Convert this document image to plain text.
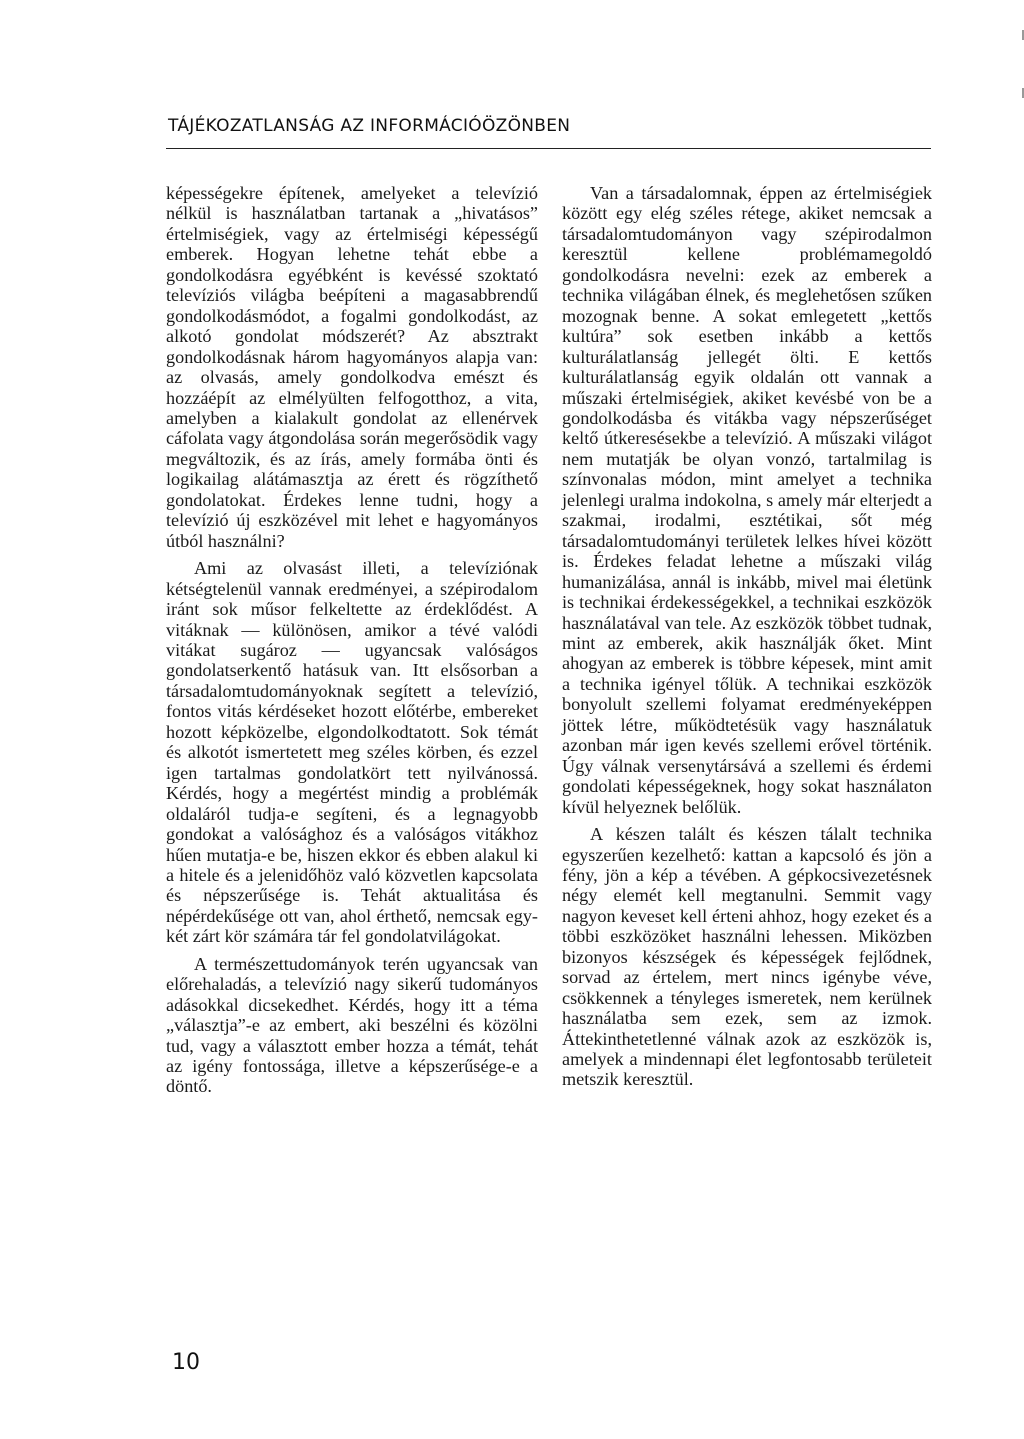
TÁJÉKOZATLANSÁG AZ INFORMÁCIÓÖZÖNBEN

képességekre építenek, amelyeket a televízió nélkül is használatban tartanak a „hivatásos” értelmiségiek, vagy az értelmiségi képességű emberek. Hogyan lehetne tehát ebbe a gondolkodásra egyébként is kevéssé szoktató televíziós világba beépíteni a magasabbrendű gondolkodásmódot, a fogalmi gondolkodást, az alkotó gondolat módszerét? Az absztrakt gondolkodásnak három hagyományos alapja van: az olvasás, amely gondolkodva emészt és hozzáépít az elmélyülten felfogotthoz, a vita, amelyben a kialakult gondolat az ellenérvek cáfolata vagy átgondolása során megerősödik vagy megváltozik, és az írás, amely formába önti és logikailag alátámasztja az érett és rögzíthető gondolatokat. Érdekes lenne tudni, hogy a televízió új eszközével mit lehet e hagyományos útból használni?

Ami az olvasást illeti, a televíziónak kétségtelenül vannak eredményei, a szépirodalom iránt sok műsor felkeltette az érdeklődést. A vitáknak — különösen, amikor a tévé valódi vitákat sugároz — ugyancsak valóságos gondolatserkentő hatásuk van. Itt elsősorban a társadalomtudományoknak segített a televízió, fontos vitás kérdéseket hozott előtérbe, embereket hozott képközelbe, elgondolkodtatott. Sok témát és alkotót ismertetett meg széles körben, és ezzel igen tartalmas gondolatkört tett nyilvánossá. Kérdés, hogy a megértést mindig a problémák oldaláról tudja-e segíteni, és a legnagyobb gondokat a valósághoz és a valóságos vitákhoz hűen mutatja-e be, hiszen ekkor és ebben alakul ki a hitele és a jelenidőhöz való közvetlen kapcsolata és népszerűsége is. Tehát aktualitása és népérdekűsége ott van, ahol érthető, nemcsak egy-két zárt kör számára tár fel gondolatvilágokat.

A természettudományok terén ugyancsak van előrehaladás, a televízió nagy sikerű tudományos adásokkal dicsekedhet. Kérdés, hogy itt a téma „választja”-e az embert, aki beszélni és közölni tud, vagy a választott ember hozza a témát, tehát az igény fontossága, illetve a képszerűsége-e a döntő.

Van a társadalomnak, éppen az értelmiségiek között egy elég széles rétege, akiket nemcsak a társadalomtudományon vagy szépirodalmon keresztül kellene problémamegoldó gondolkodásra nevelni: ezek az emberek a technika világában élnek, és meglehetősen szűken mozognak benne. A sokat emlegetett „kettős kultúra” sok esetben inkább a kettős kulturálatlanság jellegét ölti. E kettős kulturálatlanság egyik oldalán ott vannak a műszaki értelmiségiek, akiket kevésbé von be a gondolkodásba és vitákba vagy népszerűséget keltő útkeresésekbe a televízió. A műszaki világot nem mutatják be olyan vonzó, tartalmilag is színvonalas módon, mint amelyet a technika jelenlegi uralma indokolna, s amely már elterjedt a szakmai, irodalmi, esztétikai, sőt még társadalomtudományi területek lelkes hívei között is. Érdekes feladat lehetne a műszaki világ humanizálása, annál is inkább, mivel mai életünk is technikai érdekességekkel, a technikai eszközök használatával van tele. Az eszközök többet tudnak, mint az emberek, akik használják őket. Mint ahogyan az emberek is többre képesek, mint amit a technika igényel tőlük. A technikai eszközök bonyolult szellemi folyamat eredményeképpen jöttek létre, működtetésük vagy használatuk azonban már igen kevés szellemi erővel történik. Úgy válnak versenytársává a szellemi és érdemi gondolati képességeknek, hogy sokat használaton kívül helyeznek belőlük.

A készen talált és készen tálalt technika egyszerűen kezelhető: kattan a kapcsoló és jön a fény, jön a kép a tévében. A gépkocsivezetésnek négy elemét kell megtanulni. Semmit vagy nagyon keveset kell érteni ahhoz, hogy ezeket és a többi eszközöket használni lehessen. Miközben bizonyos készségek és képességek fejlődnek, sorvad az értelem, mert nincs igénybe véve, csökkennek a tényleges ismeretek, nem kerülnek használatba sem ezek, sem az izmok. Áttekinthetetlenné válnak azok az eszközök is, amelyek a mindennapi élet legfontosabb területeit metszik keresztül.

10
